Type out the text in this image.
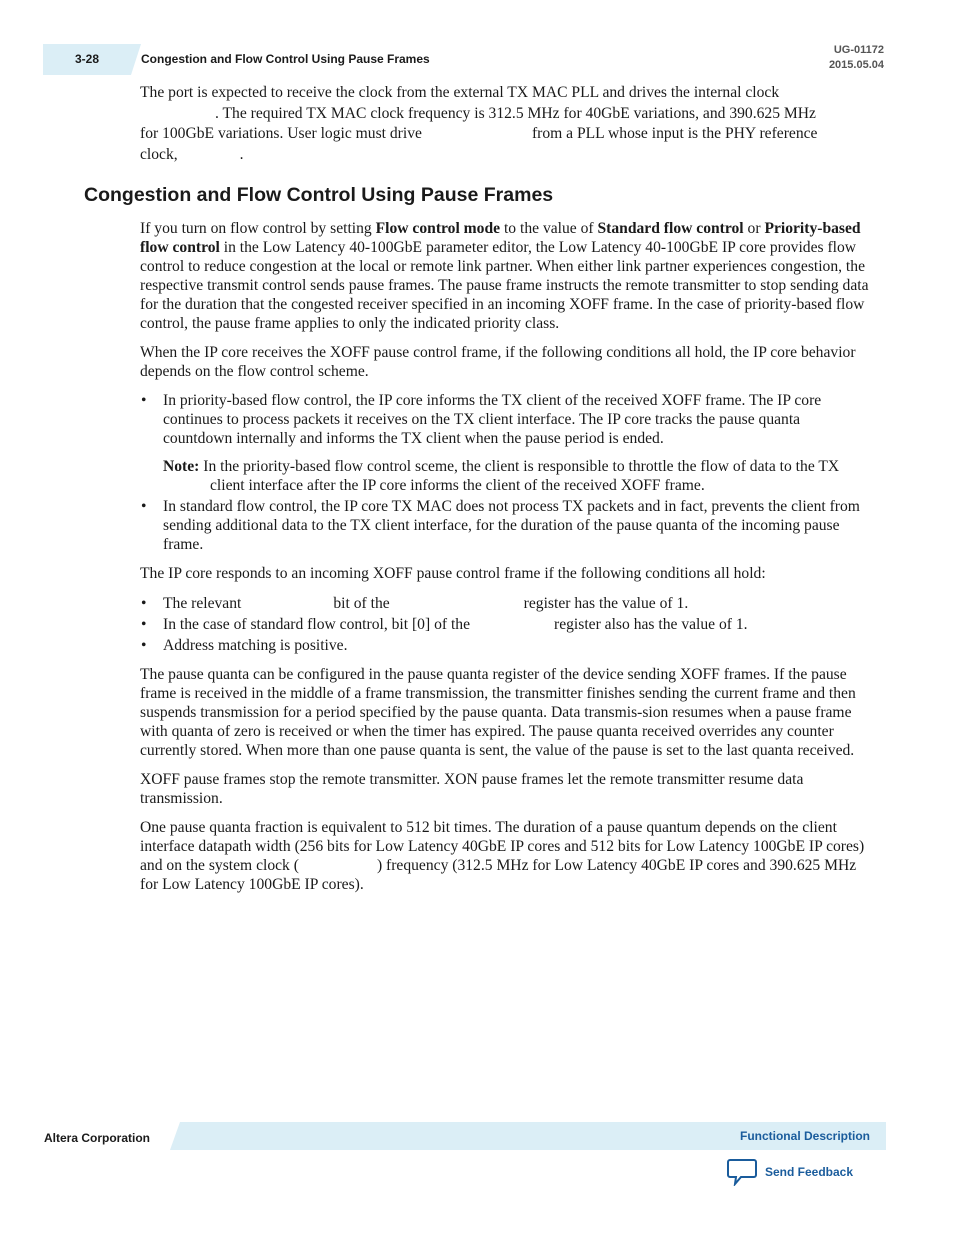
3-28	Congestion and Flow Control Using Pause Frames
UG-01172
2015.05.04
The port is expected to receive the clock from the external TX MAC PLL and drives the internal clock
. The required TX MAC clock frequency is 312.5 MHz for 40GbE variations, and 390.625 MHz
for 100GbE variations. User logic must drive	from a PLL whose input is the PHY reference
clock,	.
Congestion and Flow Control Using Pause Frames

If you turn on flow control by setting Flow control mode to the value of Standard flow control or Priority-based flow control in the Low Latency 40-100GbE parameter editor, the Low Latency 40-100GbE IP core provides flow control to reduce congestion at the local or remote link partner. When either link partner experiences congestion, the respective transmit control sends pause frames. The pause frame instructs the remote transmitter to stop sending data for the duration that the congested receiver specified in an incoming XOFF frame. In the case of priority-based flow control, the pause frame applies to only the indicated priority class.

When the IP core receives the XOFF pause control frame, if the following conditions all hold, the IP core behavior depends on the flow control scheme.

• In priority-based flow control, the IP core informs the TX client of the received XOFF frame. The IP core continues to process packets it receives on the TX client interface. The IP core tracks the pause quanta countdown internally and informs the TX client when the pause period is ended.
Note: In the priority-based flow control sceme, the client is responsible to throttle the flow of data to the TX client interface after the IP core informs the client of the received XOFF frame.
• In standard flow control, the IP core TX MAC does not process TX packets and in fact, prevents the client from sending additional data to the TX client interface, for the duration of the pause quanta of the incoming pause frame.

The IP core responds to an incoming XOFF pause control frame if the following conditions all hold:

• The relevant	bit of the	register has the value of 1.
• In the case of standard flow control, bit [0] of the	register also has the value of 1.
• Address matching is positive.

The pause quanta can be configured in the pause quanta register of the device sending XOFF frames. If the pause frame is received in the middle of a frame transmission, the transmitter finishes sending the current frame and then suspends transmission for a period specified by the pause quanta. Data transmis-sion resumes when a pause frame with quanta of zero is received or when the timer has expired. The pause quanta received overrides any counter currently stored. When more than one pause quanta is sent, the value of the pause is set to the last quanta received.

XOFF pause frames stop the remote transmitter. XON pause frames let the remote transmitter resume data transmission.

One pause quanta fraction is equivalent to 512 bit times. The duration of a pause quantum depends on the client interface datapath width (256 bits for Low Latency 40GbE IP cores and 512 bits for Low Latency 100GbE IP cores) and on the system clock (	) frequency (312.5 MHz for Low Latency 40GbE IP cores and 390.625 MHz for Low Latency 100GbE IP cores).

Altera Corporation	Functional Description
Send Feedback
